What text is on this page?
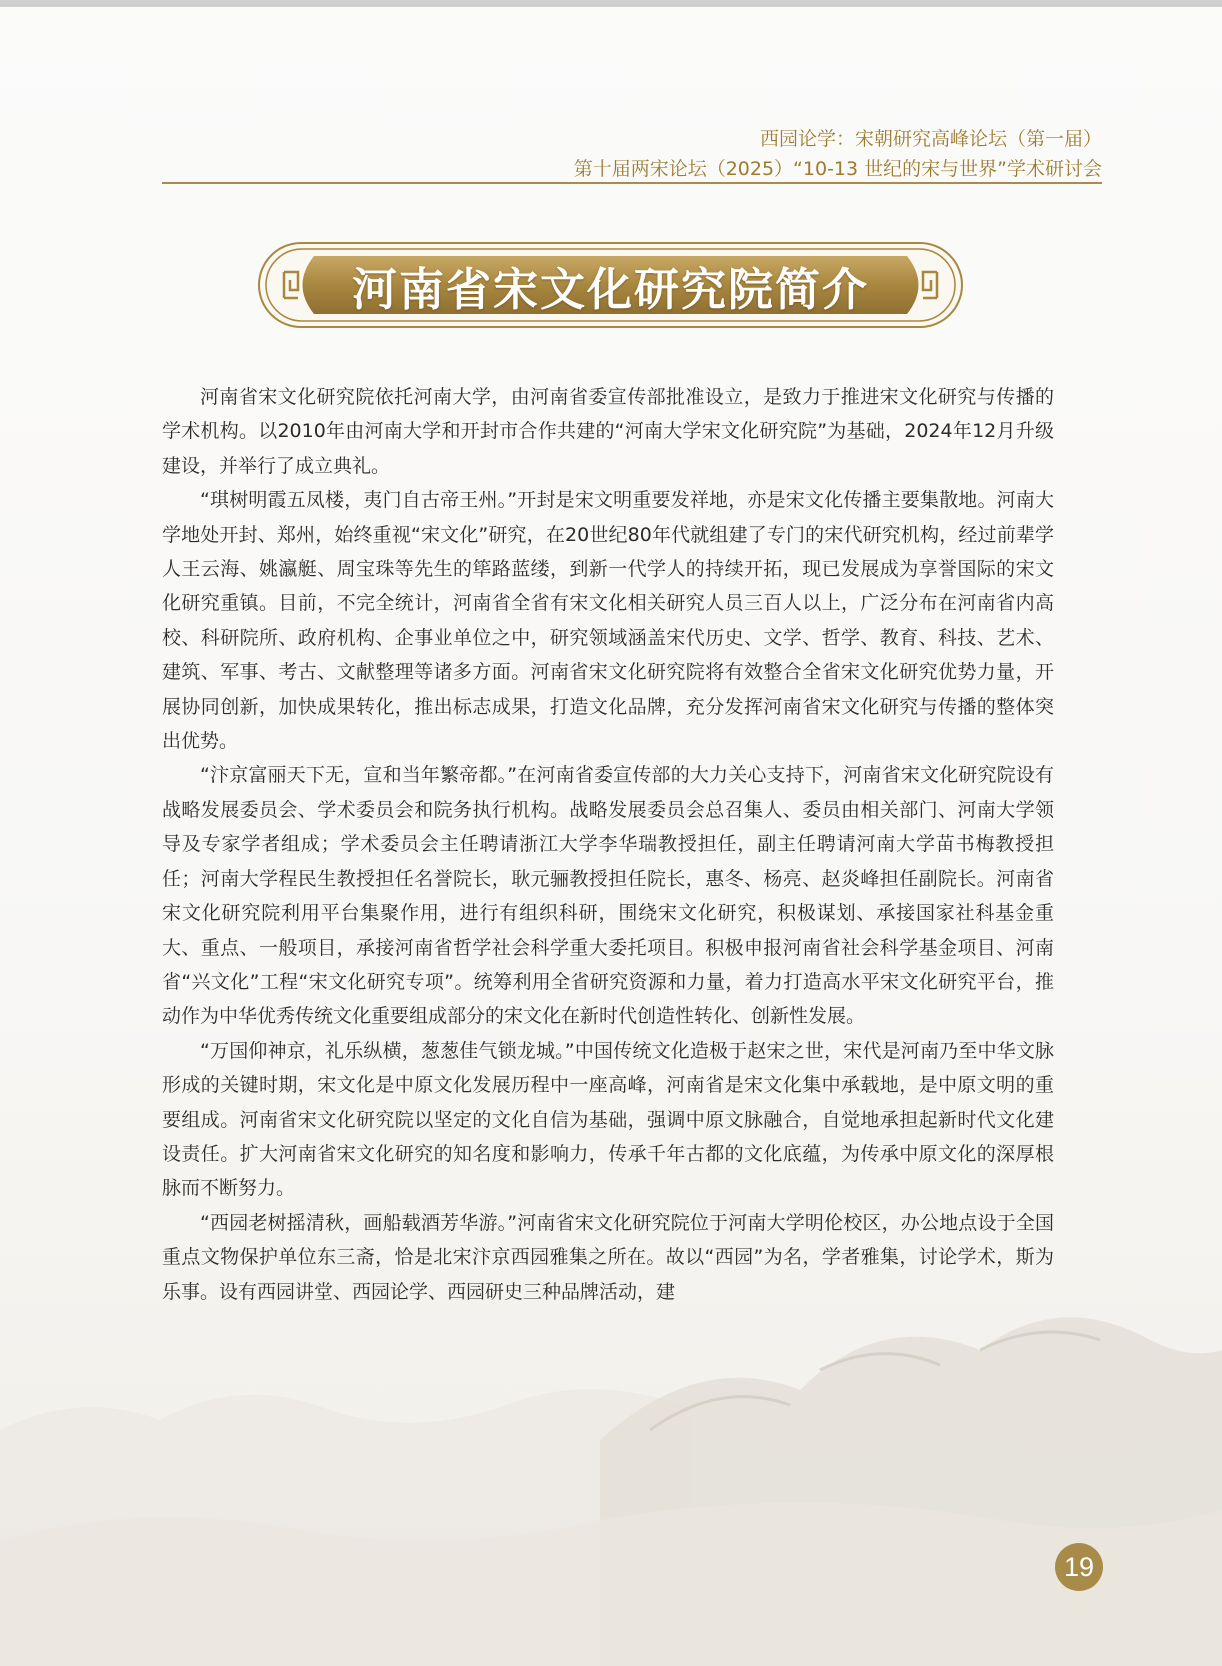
西园论学：宋朝研究高峰论坛（第一届）
第十届两宋论坛（2025）“10-13 世纪的宋与世界”学术研讨会
河南省宋文化研究院简介

河南省宋文化研究院依托河南大学，由河南省委宣传部批准设立，是致力于推进宋文化研究与传播的学术机构。以2010年由河南大学和开封市合作共建的“河南大学宋文化研究院”为基础，2024年12月升级建设，并举行了成立典礼。

“琪树明霞五凤楼，夷门自古帝王州。”开封是宋文明重要发祥地，亦是宋文化传播主要集散地。河南大学地处开封、郑州，始终重视“宋文化”研究，在20世纪80年代就组建了专门的宋代研究机构，经过前辈学人王云海、姚瀛艇、周宝珠等先生的筚路蓝缕，到新一代学人的持续开拓，现已发展成为享誉国际的宋文化研究重镇。目前，不完全统计，河南省全省有宋文化相关研究人员三百人以上，广泛分布在河南省内高校、科研院所、政府机构、企事业单位之中，研究领域涵盖宋代历史、文学、哲学、教育、科技、艺术、建筑、军事、考古、文献整理等诸多方面。河南省宋文化研究院将有效整合全省宋文化研究优势力量，开展协同创新，加快成果转化，推出标志成果，打造文化品牌，充分发挥河南省宋文化研究与传播的整体突出优势。

“汴京富丽天下无，宣和当年繁帝都。”在河南省委宣传部的大力关心支持下，河南省宋文化研究院设有战略发展委员会、学术委员会和院务执行机构。战略发展委员会总召集人、委员由相关部门、河南大学领导及专家学者组成；学术委员会主任聘请浙江大学李华瑞教授担任，副主任聘请河南大学苗书梅教授担任；河南大学程民生教授担任名誉院长，耿元骊教授担任院长，惠冬、杨亮、赵炎峰担任副院长。河南省宋文化研究院利用平台集聚作用，进行有组织科研，围绕宋文化研究，积极谋划、承接国家社科基金重大、重点、一般项目，承接河南省哲学社会科学重大委托项目。积极申报河南省社会科学基金项目、河南省“兴文化”工程“宋文化研究专项”。统筹利用全省研究资源和力量，着力打造高水平宋文化研究平台，推动作为中华优秀传统文化重要组成部分的宋文化在新时代创造性转化、创新性发展。

“万国仰神京，礼乐纵横，葱葱佳气锁龙城。”中国传统文化造极于赵宋之世，宋代是河南乃至中华文脉形成的关键时期，宋文化是中原文化发展历程中一座高峰，河南省是宋文化集中承载地，是中原文明的重要组成。河南省宋文化研究院以坚定的文化自信为基础，强调中原文脉融合，自觉地承担起新时代文化建设责任。扩大河南省宋文化研究的知名度和影响力，传承千年古都的文化底蕴，为传承中原文化的深厚根脉而不断努力。

“西园老树摇清秋，画船载酒芳华游。”河南省宋文化研究院位于河南大学明伦校区，办公地点设于全国重点文物保护单位东三斋，恰是北宋汴京西园雅集之所在。故以“西园”为名，学者雅集，讨论学术，斯为乐事。设有西园讲堂、西园论学、西园研史三种品牌活动，建

19
